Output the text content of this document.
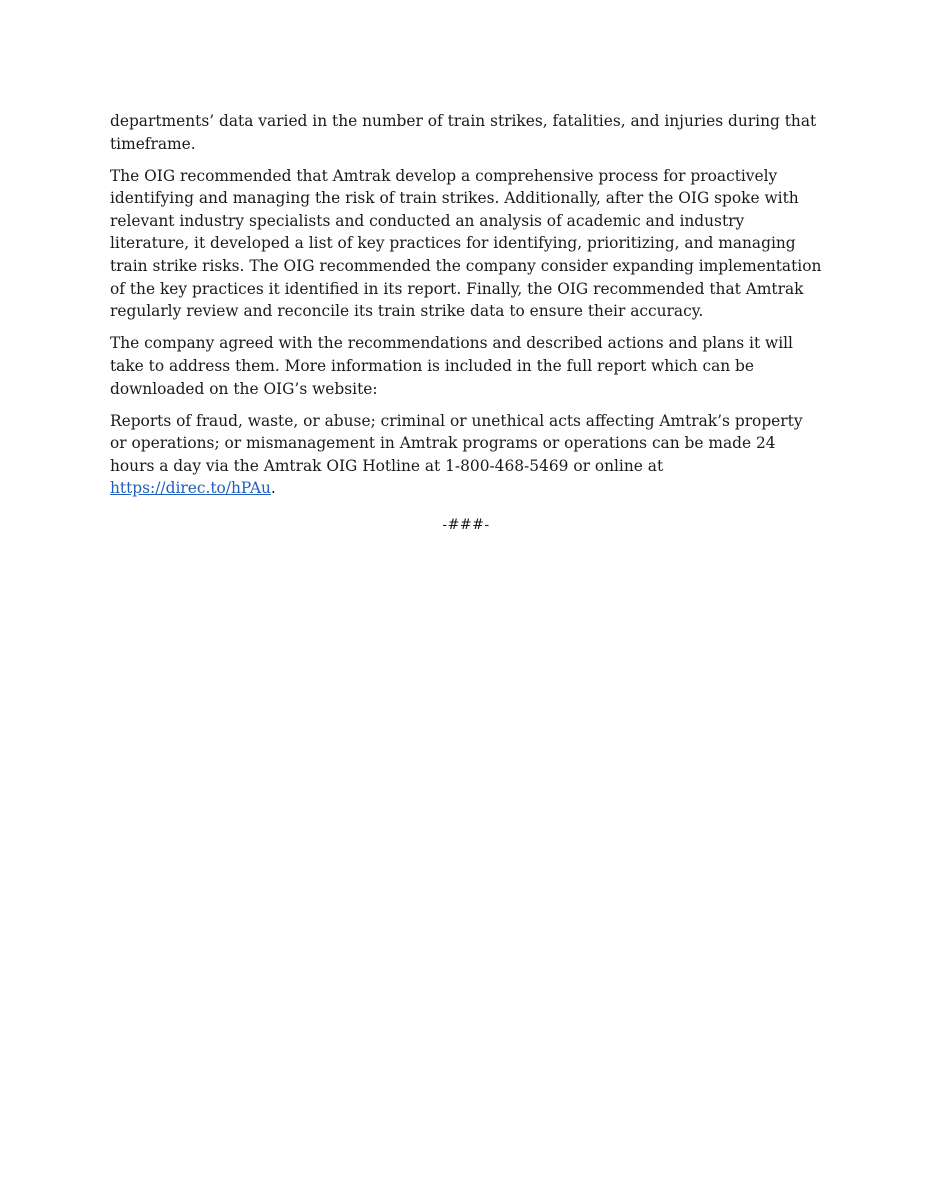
departments’ data varied in the number of train strikes, fatalities, and injuries during that timeframe.

The OIG recommended that Amtrak develop a comprehensive process for proactively identifying and managing the risk of train strikes. Additionally, after the OIG spoke with relevant industry specialists and conducted an analysis of academic and industry literature, it developed a list of key practices for identifying, prioritizing, and managing train strike risks. The OIG recommended the company consider expanding implementation of the key practices it identified in its report. Finally, the OIG recommended that Amtrak regularly review and reconcile its train strike data to ensure their accuracy.

The company agreed with the recommendations and described actions and plans it will take to address them. More information is included in the full report which can be downloaded on the OIG’s website:

Reports of fraud, waste, or abuse; criminal or unethical acts affecting Amtrak’s property or operations; or mismanagement in Amtrak programs or operations can be made 24 hours a day via the Amtrak OIG Hotline at 1-800-468-5469 or online at https://direc.to/hPAu.

-###-
